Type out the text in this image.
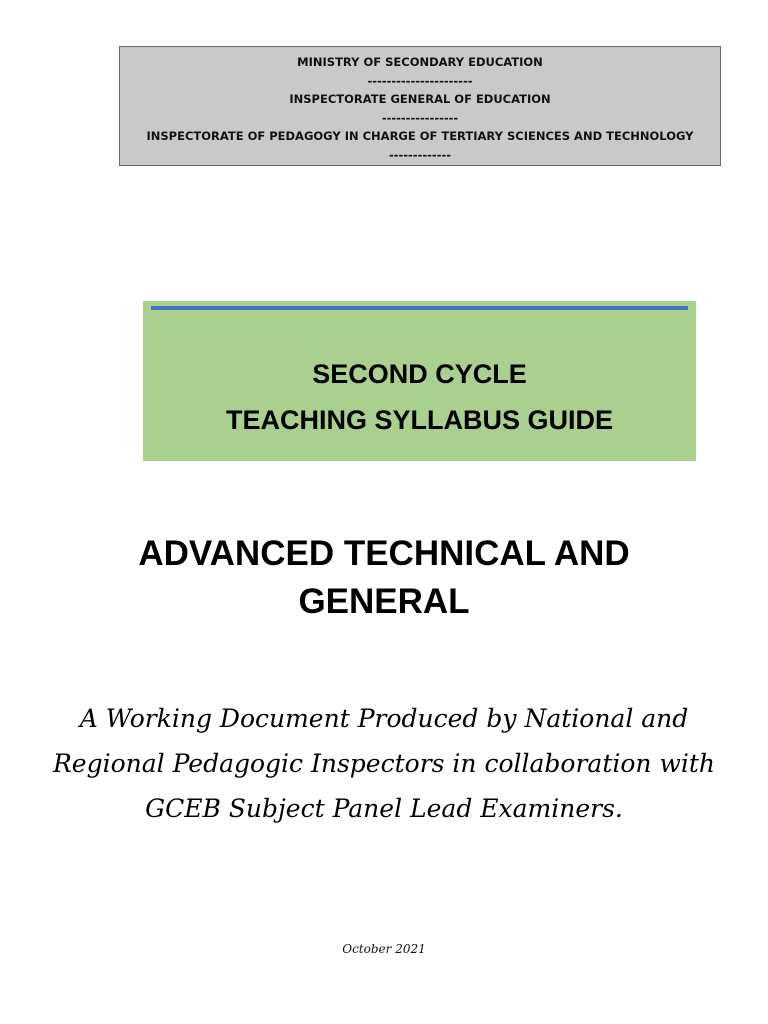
MINISTRY OF SECONDARY EDUCATION
----------------------
INSPECTORATE GENERAL OF EDUCATION
----------------
INSPECTORATE OF PEDAGOGY IN CHARGE OF TERTIARY SCIENCES AND TECHNOLOGY
-------------
SECOND CYCLE
TEACHING SYLLABUS GUIDE
ADVANCED TECHNICAL AND
GENERAL
A Working Document Produced by National and
Regional Pedagogic Inspectors in collaboration with
GCEB Subject Panel Lead Examiners.
October 2021
